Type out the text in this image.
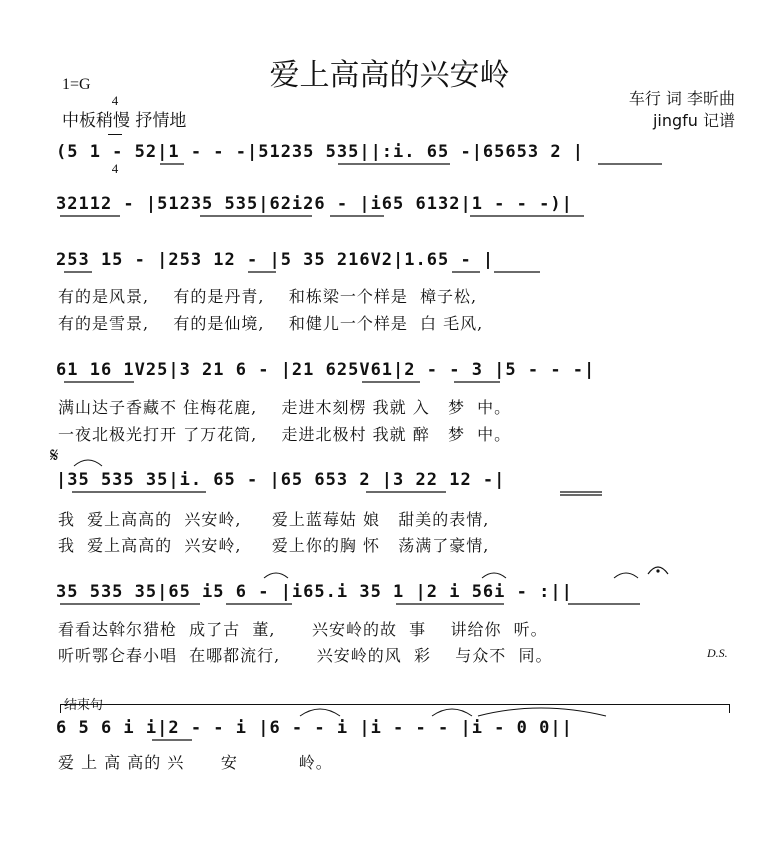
爱上高高的兴安岭
1=G

4

4

中板稍慢 抒情地
车行 词 李昕曲
jingfu 记谱
(5 1 - 52|1 - - -|51235 535||:i. 65 -|65653 2 |
32112 - |51235 535|62i26 - |i65 6132|1 - - -)|
253 15 - |253 12 - |5 35 216V2|1.65 - |
有的是风景,    有的是丹青,    和栋梁一个样是  樟子松,
有的是雪景,    有的是仙境,    和健儿一个样是  白 毛风,
61 16 1V25|3 21 6 - |21 625V61|2 - - 3 |5 - - -|
满山达子香藏不 住梅花鹿,    走进木刻楞 我就 入   梦  中。
一夜北极光打开 了万花筒,    走进北极村 我就 醉   梦  中。
𝄋
|35 535 35|i. 65 - |65 653 2 |3 22 12 -|
我  爱上高高的  兴安岭,     爱上蓝莓姑 娘   甜美的表情,
我  爱上高高的  兴安岭,     爱上你的胸 怀   荡满了豪情,
35 535 35|65 i5 6 - |i65.i 35 1 |2 i 56i - :||
看看达斡尔猎枪  成了古  董,      兴安岭的故  事    讲给你  听。
听听鄂仑春小唱  在哪都流行,      兴安岭的风  彩    与众不  同。	D.S.
结束句
6 5 6 i i|2 - - i |6 - - i |i - - - |i - 0 0||
爱 上 高 高的 兴      安          岭。
